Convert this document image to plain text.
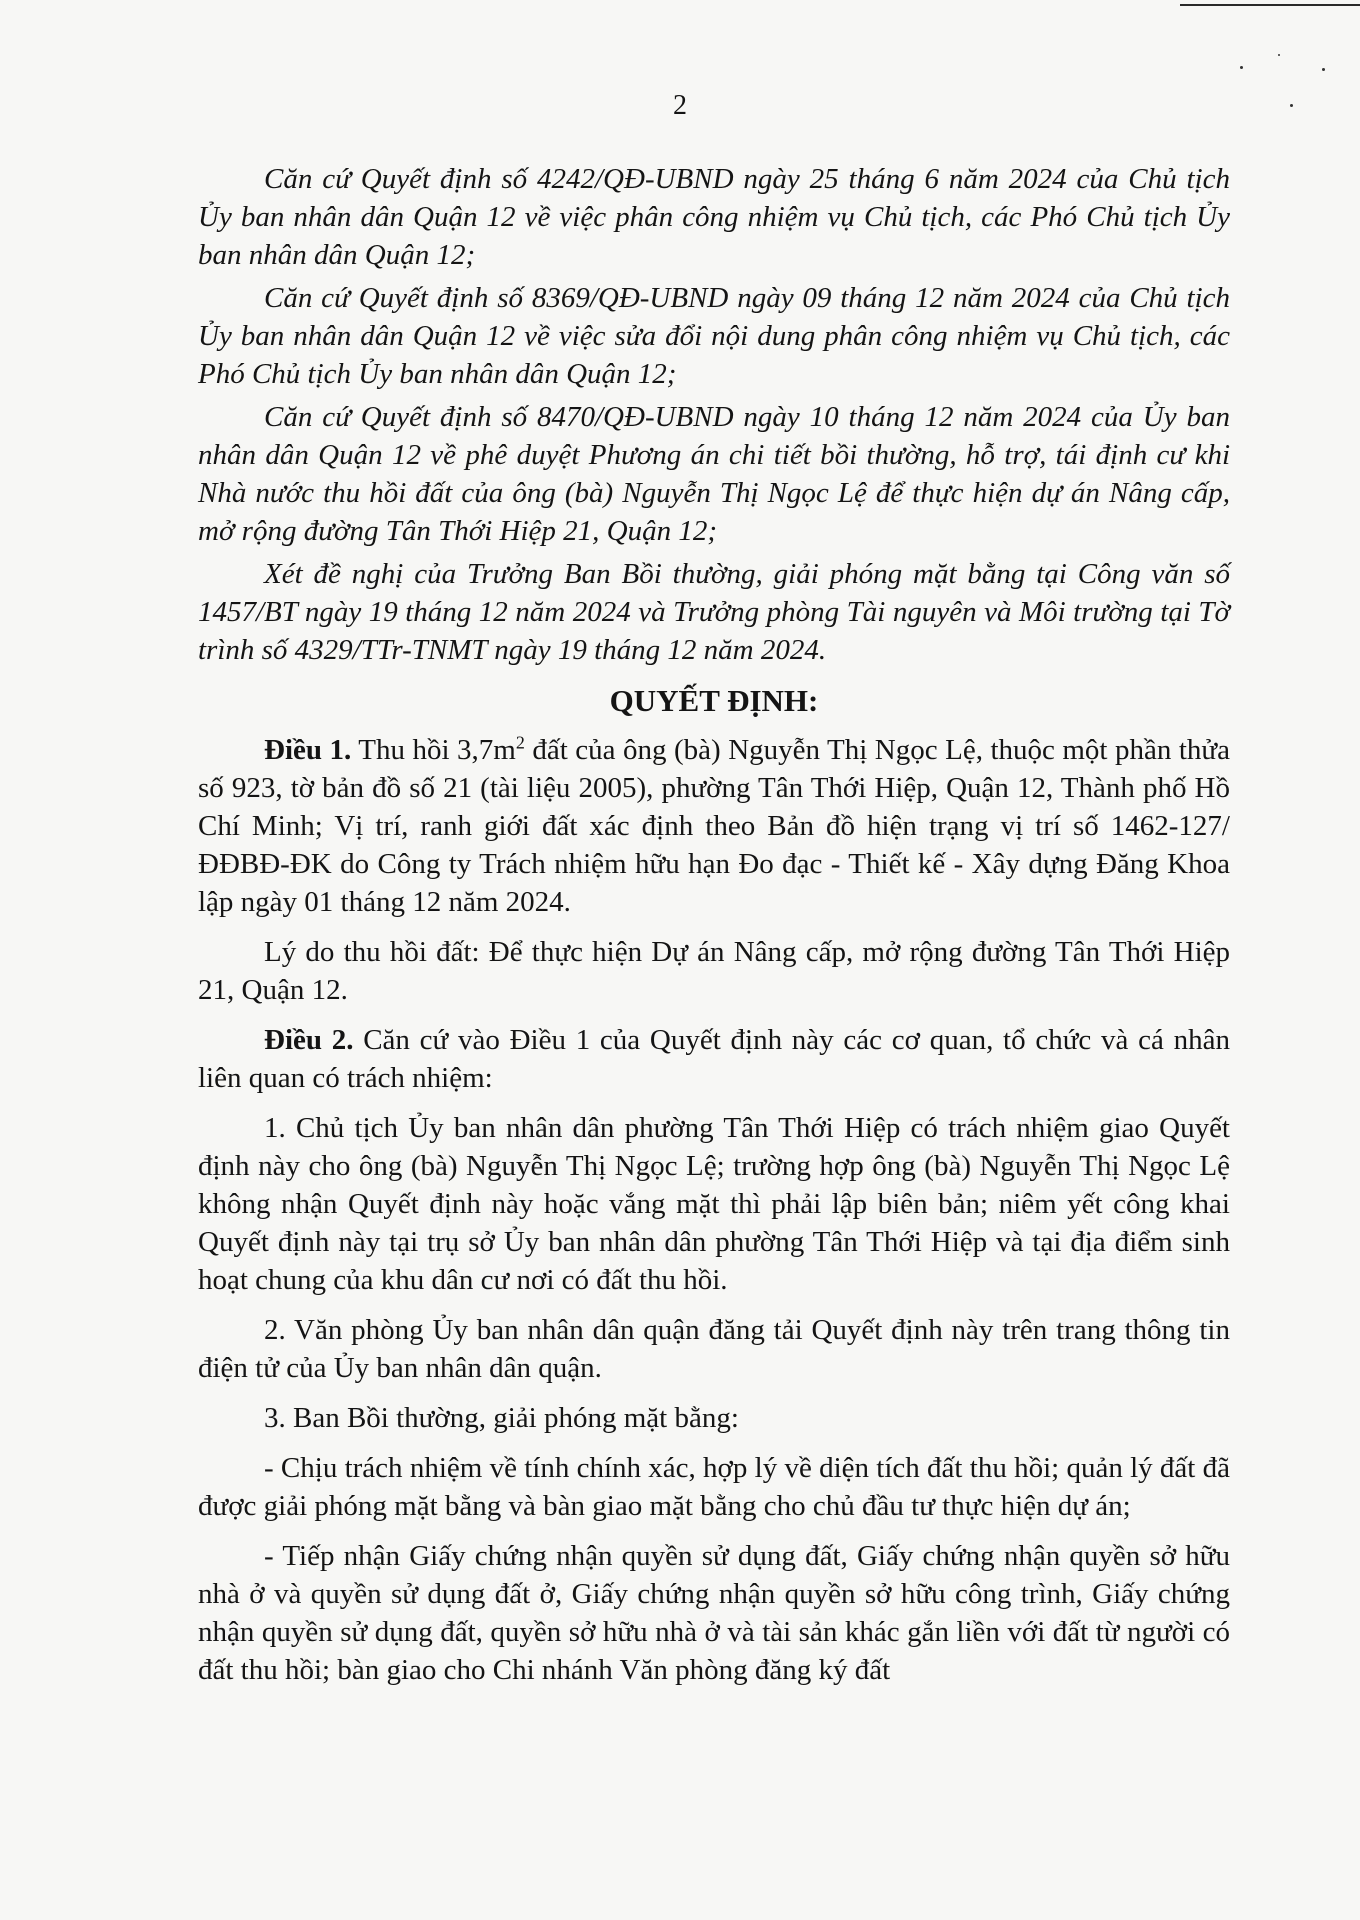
2

Căn cứ Quyết định số 4242/QĐ-UBND ngày 25 tháng 6 năm 2024 của Chủ tịch Ủy ban nhân dân Quận 12 về việc phân công nhiệm vụ Chủ tịch, các Phó Chủ tịch Ủy ban nhân dân Quận 12;

Căn cứ Quyết định số 8369/QĐ-UBND ngày 09 tháng 12 năm 2024 của Chủ tịch Ủy ban nhân dân Quận 12 về việc sửa đổi nội dung phân công nhiệm vụ Chủ tịch, các Phó Chủ tịch Ủy ban nhân dân Quận 12;

Căn cứ Quyết định số 8470/QĐ-UBND ngày 10 tháng 12 năm 2024 của Ủy ban nhân dân Quận 12 về phê duyệt Phương án chi tiết bồi thường, hỗ trợ, tái định cư khi Nhà nước thu hồi đất của ông (bà) Nguyễn Thị Ngọc Lệ để thực hiện dự án Nâng cấp, mở rộng đường Tân Thới Hiệp 21, Quận 12;

Xét đề nghị của Trưởng Ban Bồi thường, giải phóng mặt bằng tại Công văn số 1457/BT ngày 19 tháng 12 năm 2024 và Trưởng phòng Tài nguyên và Môi trường tại Tờ trình số 4329/TTr-TNMT ngày 19 tháng 12 năm 2024.

QUYẾT ĐỊNH:

Điều 1. Thu hồi $3,7m^2$ đất của ông (bà) Nguyễn Thị Ngọc Lệ, thuộc một phần thửa số 923, tờ bản đồ số 21 (tài liệu 2005), phường Tân Thới Hiệp, Quận 12, Thành phố Hồ Chí Minh; Vị trí, ranh giới đất xác định theo Bản đồ hiện trạng vị trí số 1462-127/ĐĐBĐ-ĐK do Công ty Trách nhiệm hữu hạn Đo đạc - Thiết kế - Xây dựng Đăng Khoa lập ngày 01 tháng 12 năm 2024.

Lý do thu hồi đất: Để thực hiện Dự án Nâng cấp, mở rộng đường Tân Thới Hiệp 21, Quận 12.

Điều 2. Căn cứ vào Điều 1 của Quyết định này các cơ quan, tổ chức và cá nhân liên quan có trách nhiệm:

1. Chủ tịch Ủy ban nhân dân phường Tân Thới Hiệp có trách nhiệm giao Quyết định này cho ông (bà) Nguyễn Thị Ngọc Lệ; trường hợp ông (bà) Nguyễn Thị Ngọc Lệ không nhận Quyết định này hoặc vắng mặt thì phải lập biên bản; niêm yết công khai Quyết định này tại trụ sở Ủy ban nhân dân phường Tân Thới Hiệp và tại địa điểm sinh hoạt chung của khu dân cư nơi có đất thu hồi.

2. Văn phòng Ủy ban nhân dân quận đăng tải Quyết định này trên trang thông tin điện tử của Ủy ban nhân dân quận.

3. Ban Bồi thường, giải phóng mặt bằng:

- Chịu trách nhiệm về tính chính xác, hợp lý về diện tích đất thu hồi; quản lý đất đã được giải phóng mặt bằng và bàn giao mặt bằng cho chủ đầu tư thực hiện dự án;

- Tiếp nhận Giấy chứng nhận quyền sử dụng đất, Giấy chứng nhận quyền sở hữu nhà ở và quyền sử dụng đất ở, Giấy chứng nhận quyền sở hữu công trình, Giấy chứng nhận quyền sử dụng đất, quyền sở hữu nhà ở và tài sản khác gắn liền với đất từ người có đất thu hồi; bàn giao cho Chi nhánh Văn phòng đăng ký đất
